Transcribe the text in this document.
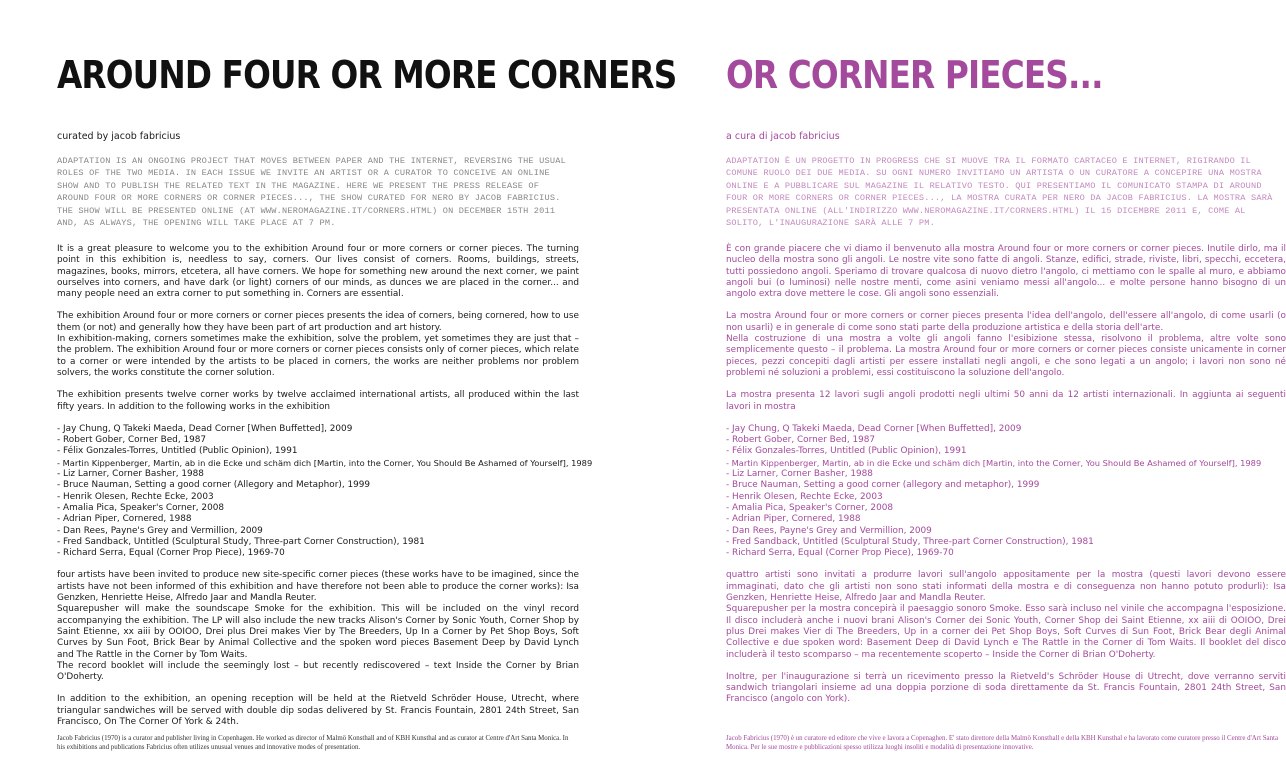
AROUND FOUR OR MORE CORNERS
curated by jacob fabricius

ADAPTATION IS AN ONGOING PROJECT THAT MOVES BETWEEN PAPER AND THE INTERNET, REVERSING THE USUAL ROLES OF THE TWO MEDIA. IN EACH ISSUE WE INVITE AN ARTIST OR A CURATOR TO CONCEIVE AN ONLINE SHOW AND TO PUBLISH THE RELATED TEXT IN THE MAGAZINE. HERE WE PRESENT THE PRESS RELEASE OF AROUND FOUR OR MORE CORNERS OR CORNER PIECES..., THE SHOW CURATED FOR NERO BY JACOB FABRICIUS. THE SHOW WILL BE PRESENTED ONLINE (AT WWW.NEROMAGAZINE.IT/CORNERS.HTML) ON DECEMBER 15TH 2011 AND, AS ALWAYS, THE OPENING WILL TAKE PLACE AT 7 PM.

It is a great pleasure to welcome you to the exhibition Around four or more corners or corner pieces. The turning point in this exhibition is, needless to say, corners. Our lives consist of corners. Rooms, buildings, streets, magazines, books, mirrors, etcetera, all have corners. We hope for something new around the next corner, we paint ourselves into corners, and have dark (or light) corners of our minds, as dunces we are placed in the corner... and many people need an extra corner to put something in. Corners are essential.

The exhibition Around four or more corners or corner pieces presents the idea of corners, being cornered, how to use them (or not) and generally how they have been part of art production and art history.

In exhibition-making, corners sometimes make the exhibition, solve the problem, yet sometimes they are just that – the problem. The exhibition Around four or more corners or corner pieces consists only of corner pieces, which relate to a corner or were intended by the artists to be placed in corners, the works are neither problems nor problem solvers, the works constitute the corner solution.

The exhibition presents twelve corner works by twelve acclaimed international artists, all produced within the last fifty years. In addition to the following works in the exhibition

- Jay Chung, Q Takeki Maeda, Dead Corner [When Buffetted], 2009
- Robert Gober, Corner Bed, 1987
- Félix Gonzales-Torres, Untitled (Public Opinion), 1991
- Martin Kippenberger, Martin, ab in die Ecke und schäm dich [Martin, into the Corner, You Should Be Ashamed of Yourself], 1989
- Liz Larner, Corner Basher, 1988
- Bruce Nauman, Setting a good corner (Allegory and Metaphor), 1999
- Henrik Olesen, Rechte Ecke, 2003
- Amalia Pica, Speaker's Corner, 2008
- Adrian Piper, Cornered, 1988
- Dan Rees, Payne's Grey and Vermillion, 2009
- Fred Sandback, Untitled (Sculptural Study, Three-part Corner Construction), 1981
- Richard Serra, Equal (Corner Prop Piece), 1969-70

four artists have been invited to produce new site-specific corner pieces (these works have to be imagined, since the artists have not been informed of this exhibition and have therefore not been able to produce the corner works): Isa Genzken, Henriette Heise, Alfredo Jaar and Mandla Reuter.

Squarepusher will make the soundscape Smoke for the exhibition. This will be included on the vinyl record accompanying the exhibition. The LP will also include the new tracks Alison's Corner by Sonic Youth, Corner Shop by Saint Etienne, xx aiii by OOIOO, Drei plus Drei makes Vier by The Breeders, Up In a Corner by Pet Shop Boys, Soft Curves by Sun Foot, Brick Bear by Animal Collective and the spoken word pieces Basement Deep by David Lynch and The Rattle in the Corner by Tom Waits.

The record booklet will include the seemingly lost – but recently rediscovered – text Inside the Corner by Brian O'Doherty.

In addition to the exhibition, an opening reception will be held at the Rietveld Schröder House, Utrecht, where triangular sandwiches will be served with double dip sodas delivered by St. Francis Fountain, 2801 24th Street, San Francisco, On The Corner Of York & 24th.

Jacob Fabricius (1970) is a curator and publisher living in Copenhagen. He worked as director of Malmö Konsthall and of KBH Kunsthal and as curator at Centre d'Art Santa Monica. In his exhibitions and publications Fabricius often utilizes unusual venues and innovative modes of presentation.
OR CORNER PIECES...
a cura di jacob fabricius

ADAPTATION È UN PROGETTO IN PROGRESS CHE SI MUOVE TRA IL FORMATO CARTACEO E INTERNET, RIGIRANDO IL COMUNE RUOLO DEI DUE MEDIA. SU OGNI NUMERO INVITIAMO UN ARTISTA O UN CURATORE A CONCEPIRE UNA MOSTRA ONLINE E A PUBBLICARE SUL MAGAZINE IL RELATIVO TESTO. QUI PRESENTIAMO IL COMUNICATO STAMPA DI AROUND FOUR OR MORE CORNERS OR CORNER PIECES..., LA MOSTRA CURATA PER NERO DA JACOB FABRICIUS. LA MOSTRA SARÀ PRESENTATA ONLINE (ALL'INDIRIZZO WWW.NEROMAGAZINE.IT/CORNERS.HTML) IL 15 DICEMBRE 2011 E, COME AL SOLITO, L'INAUGURAZIONE SARÀ ALLE 7 PM.

È con grande piacere che vi diamo il benvenuto alla mostra Around four or more corners or corner pieces. Inutile dirlo, ma il nucleo della mostra sono gli angoli. Le nostre vite sono fatte di angoli. Stanze, edifici, strade, riviste, libri, specchi, eccetera, tutti possiedono angoli. Speriamo di trovare qualcosa di nuovo dietro l'angolo, ci mettiamo con le spalle al muro, e abbiamo angoli bui (o luminosi) nelle nostre menti, come asini veniamo messi all'angolo... e molte persone hanno bisogno di un angolo extra dove mettere le cose. Gli angoli sono essenziali.

La mostra Around four or more corners or corner pieces presenta l'idea dell'angolo, dell'essere all'angolo, di come usarli (o non usarli) e in generale di come sono stati parte della produzione artistica e della storia dell'arte.

Nella costruzione di una mostra a volte gli angoli fanno l'esibizione stessa, risolvono il problema, altre volte sono semplicemente questo – il problema. La mostra Around four or more corners or corner pieces consiste unicamente in corner pieces, pezzi concepiti dagli artisti per essere installati negli angoli, e che sono legati a un angolo; i lavori non sono né problemi né soluzioni a problemi, essi costituiscono la soluzione dell'angolo.

La mostra presenta 12 lavori sugli angoli prodotti negli ultimi 50 anni da 12 artisti internazionali. In aggiunta ai seguenti lavori in mostra

- Jay Chung, Q Takeki Maeda, Dead Corner [When Buffetted], 2009
- Robert Gober, Corner Bed, 1987
- Félix Gonzales-Torres, Untitled (Public Opinion), 1991
- Martin Kippenberger, Martin, ab in die Ecke und schäm dich [Martin, into the Corner, You Should Be Ashamed of Yourself], 1989
- Liz Larner, Corner Basher, 1988
- Bruce Nauman, Setting a good corner (allegory and metaphor), 1999
- Henrik Olesen, Rechte Ecke, 2003
- Amalia Pica, Speaker's Corner, 2008
- Adrian Piper, Cornered, 1988
- Dan Rees, Payne's Grey and Vermillion, 2009
- Fred Sandback, Untitled (Sculptural Study, Three-part Corner Construction), 1981
- Richard Serra, Equal (Corner Prop Piece), 1969-70

quattro artisti sono invitati a produrre lavori sull'angolo appositamente per la mostra (questi lavori devono essere immaginati, dato che gli artisti non sono stati informati della mostra e di conseguenza non hanno potuto produrli): Isa Genzken, Henriette Heise, Alfredo Jaar and Mandla Reuter.

Squarepusher per la mostra concepirà il paesaggio sonoro Smoke. Esso sarà incluso nel vinile che accompagna l'esposizione. Il disco includerà anche i nuovi brani Alison's Corner dei Sonic Youth, Corner Shop dei Saint Etienne, xx aiii di OOIOO, Drei plus Drei makes Vier di The Breeders, Up in a corner dei Pet Shop Boys, Soft Curves di Sun Foot, Brick Bear degli Animal Collective e due spoken word: Basement Deep di David Lynch e The Rattle in the Corner di Tom Waits. Il booklet del disco includerà il testo scomparso – ma recentemente scoperto – Inside the Corner di Brian O'Doherty.

Inoltre, per l'inaugurazione si terrà un ricevimento presso la Rietveld's Schröder House di Utrecht, dove verranno serviti sandwich triangolari insieme ad una doppia porzione di soda direttamente da St. Francis Fountain, 2801 24th Street, San Francisco (angolo con York).

Jacob Fabricius (1970) è un curatore ed editore che vive e lavora a Copenaghen. E' stato direttore della Malmö Konsthall e della KBH Kunsthal e ha lavorato come curatore presso il Centre d'Art Santa Monica. Per le sue mostre e pubblicazioni spesso utilizza luoghi insoliti e modalità di presentazione innovative.
